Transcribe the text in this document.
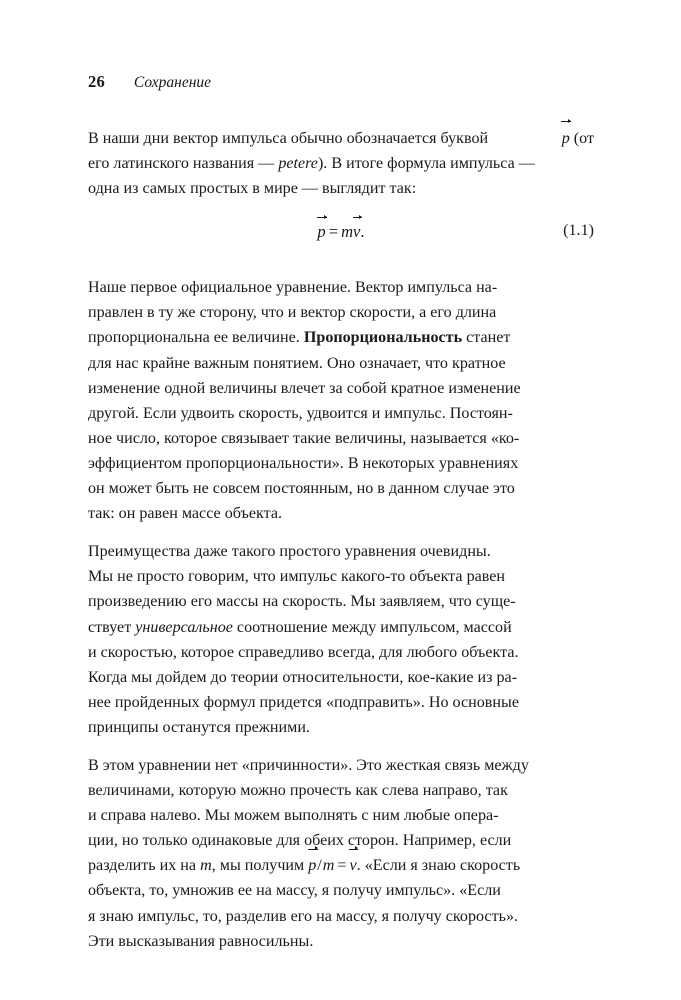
26 Сохранение

В наши дни вектор импульса обычно обозначается буквой	p (от
его латинского названия — petere). В итоге формула импульса —
одна из самых простых в мире — выглядит так:

p = mv.	(1.1)

Наше первое официальное уравнение. Вектор импульса на-
правлен в ту же сторону, что и вектор скорости, а его длина
пропорциональна ее величине. Пропорциональность станет
для нас крайне важным понятием. Оно означает, что кратное
изменение одной величины влечет за собой кратное изменение
другой. Если удвоить скорость, удвоится и импульс. Постоян-
ное число, которое связывает такие величины, называется «ко-
эффициентом пропорциональности». В некоторых уравнениях
он может быть не совсем постоянным, но в данном случае это
так: он равен массе объекта.

Преимущества даже такого простого уравнения очевидны.
Мы не просто говорим, что импульс какого-то объекта равен
произведению его массы на скорость. Мы заявляем, что суще-
ствует универсальное соотношение между импульсом, массой
и скоростью, которое справедливо всегда, для любого объекта.
Когда мы дойдем до теории относительности, кое-какие из ра-
нее пройденных формул придется «подправить». Но основные
принципы останутся прежними.

В этом уравнении нет «причинности». Это жесткая связь между
величинами, которую можно прочесть как слева направо, так
и справа налево. Мы можем выполнять с ним любые опера-
ции, но только одинаковые для обеих сторон. Например, если
разделить их на m, мы получим p/m = v. «Если я знаю скорость
объекта, то, умножив ее на массу, я получу импульс». «Если
я знаю импульс, то, разделив его на массу, я получу скорость».
Эти высказывания равносильны.
